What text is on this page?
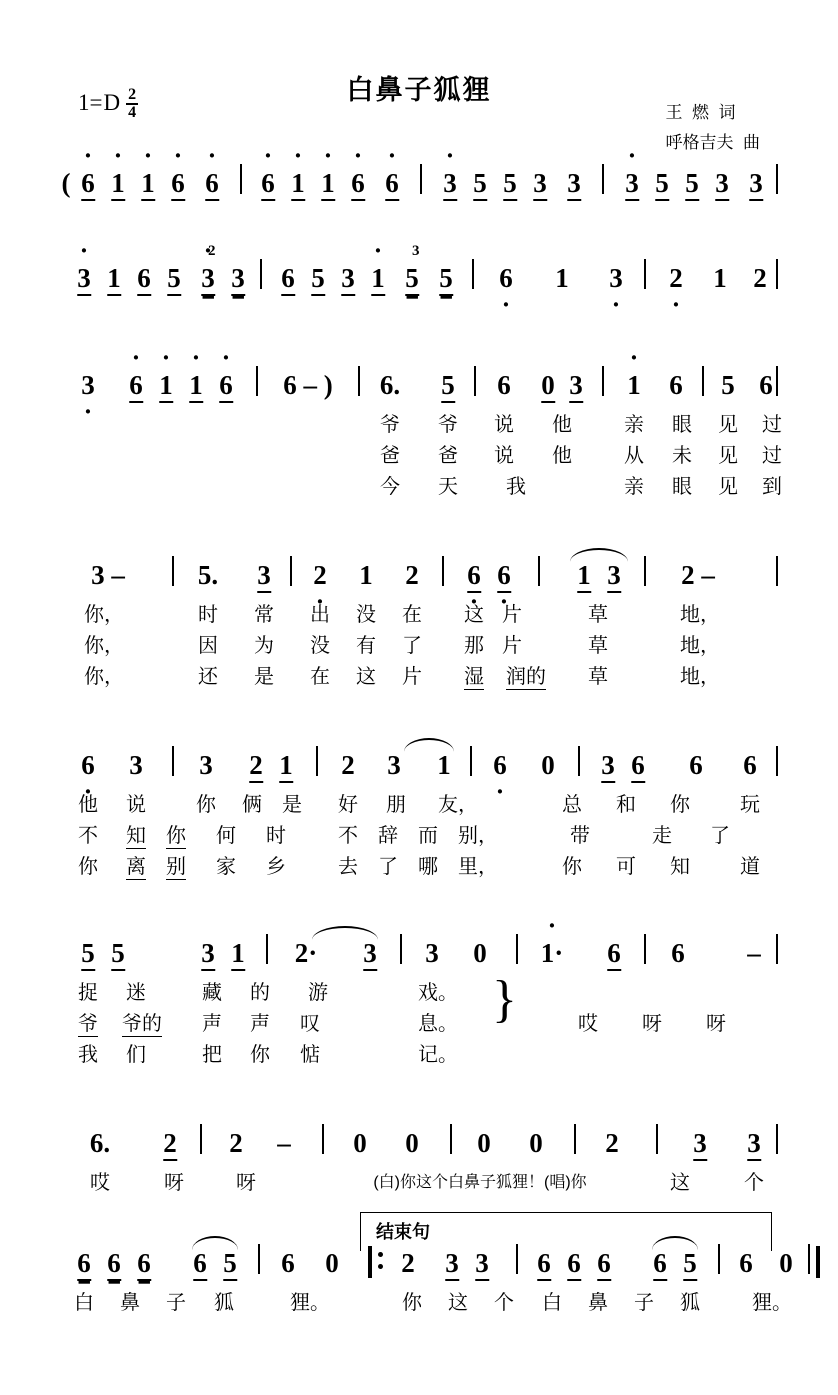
白鼻子狐狸
1= D $\frac{2}{4}$	王  燃  词
呼格吉夫  曲
( · 6 · 1 · 1 · 6 · 6 · 6 · 1 · 1 · 6 · 6 · 3 5 5 3 3 · 3 5 5 3 3
· 3 1 6 5
· 2
3 3 6 5 3 · 1
3
5 5 6 · 1 3 · 2 · 1 2
3 · · 6 · 1 · 1 · 6 6 – ) 6. 5 6 0 3 · 1 6 5 6
爷 爷 说 他	亲 眼 见 过
爸 爸 说 他	从 未 见 过
今 天 我	亲 眼 见 到
3 –	5. 3 2 · 1 2 6 · 6 · 1 3 2 –
你，	时 常 出 没 在 这 片	草	地，
你，	因 为 没 有 了 那 片	草	地，
你，	还 是 在 这 片 湿 润的 草	地，
6 · 3 3 2 1 2 3 1 6 · 0 3 6 6 6
他 说	你 俩 是 好 朋 友，	总 和 你	玩
不 知 你 何 时	不 辞 而 别，	带	走 了
你 离 别 家 乡	去 了 哪 里，	你 可 知	道
5 5	3 1 2· 3 3 0 · 1· 6 6 –
捉 迷	藏 的 游	戏。
爷 爷的 声 声 叹	息。	哎 呀 呀
我 们	把 你 惦	记。
}
6. 2 2 – 0 0 0 0 2	3 3
哎	呀	呀	(白)你这个白鼻子狐狸！(唱)你	这	个
6 6 6 6 5 6 0 2 3 3 6 6 6 6 5 6 0
白 鼻 子 狐	狸。	你 这 个 白 鼻 子 狐	狸。
结束句
